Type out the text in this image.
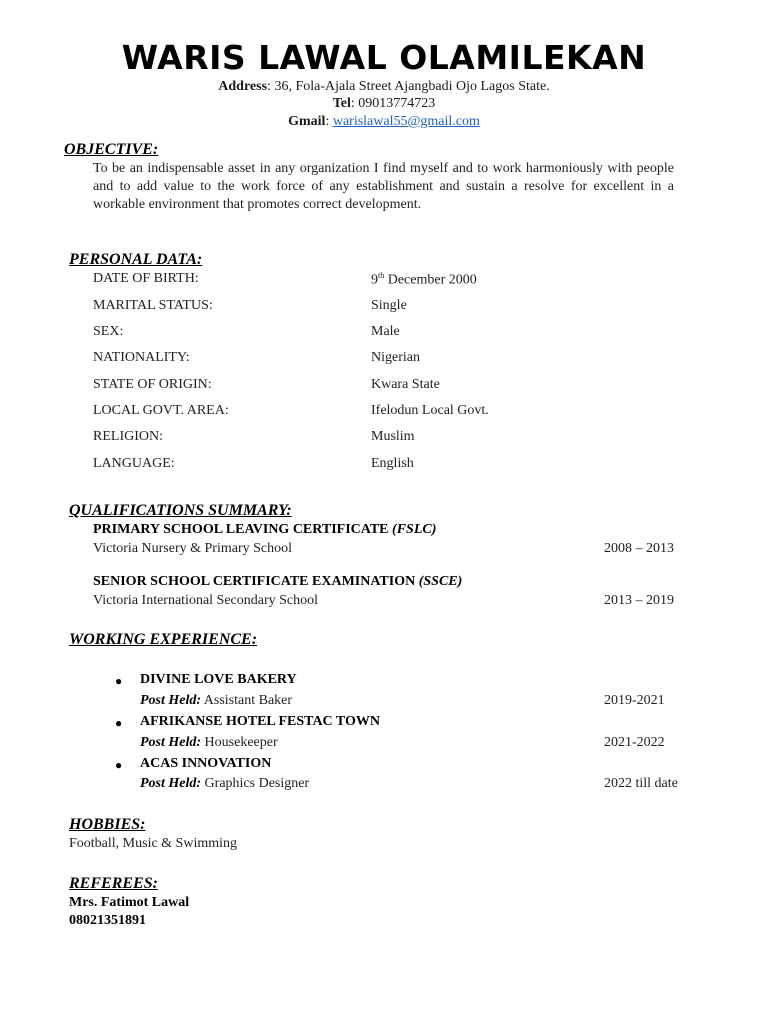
WARIS LAWAL OLAMILEKAN
Address: 36, Fola-Ajala Street Ajangbadi Ojo Lagos State.
Tel: 09013774723
Gmail: warislawal55@gmail.com
OBJECTIVE:
To be an indispensable asset in any organization I find myself and to work harmoniously with people and to add value to the work force of any establishment and sustain a resolve for excellent in a workable environment that promotes correct development.
PERSONAL DATA:
DATE OF BIRTH:	9th December 2000
MARITAL STATUS:	Single
SEX:	Male
NATIONALITY:	Nigerian
STATE OF ORIGIN:	Kwara State
LOCAL GOVT. AREA:	Ifelodun Local Govt.
RELIGION:	Muslim
LANGUAGE:	English
QUALIFICATIONS SUMMARY:
PRIMARY SCHOOL LEAVING CERTIFICATE (FSLC)
Victoria Nursery & Primary School	2008 – 2013
SENIOR SCHOOL CERTIFICATE EXAMINATION (SSCE)
Victoria International Secondary School	2013 – 2019
WORKING EXPERIENCE:
● DIVINE LOVE BAKERY
Post Held: Assistant Baker	2019-2021
● AFRIKANSE HOTEL FESTAC TOWN
Post Held: Housekeeper	2021-2022
● ACAS INNOVATION
Post Held: Graphics Designer	2022 till date
HOBBIES:
Football, Music & Swimming
REFEREES:
Mrs. Fatimot Lawal
08021351891
